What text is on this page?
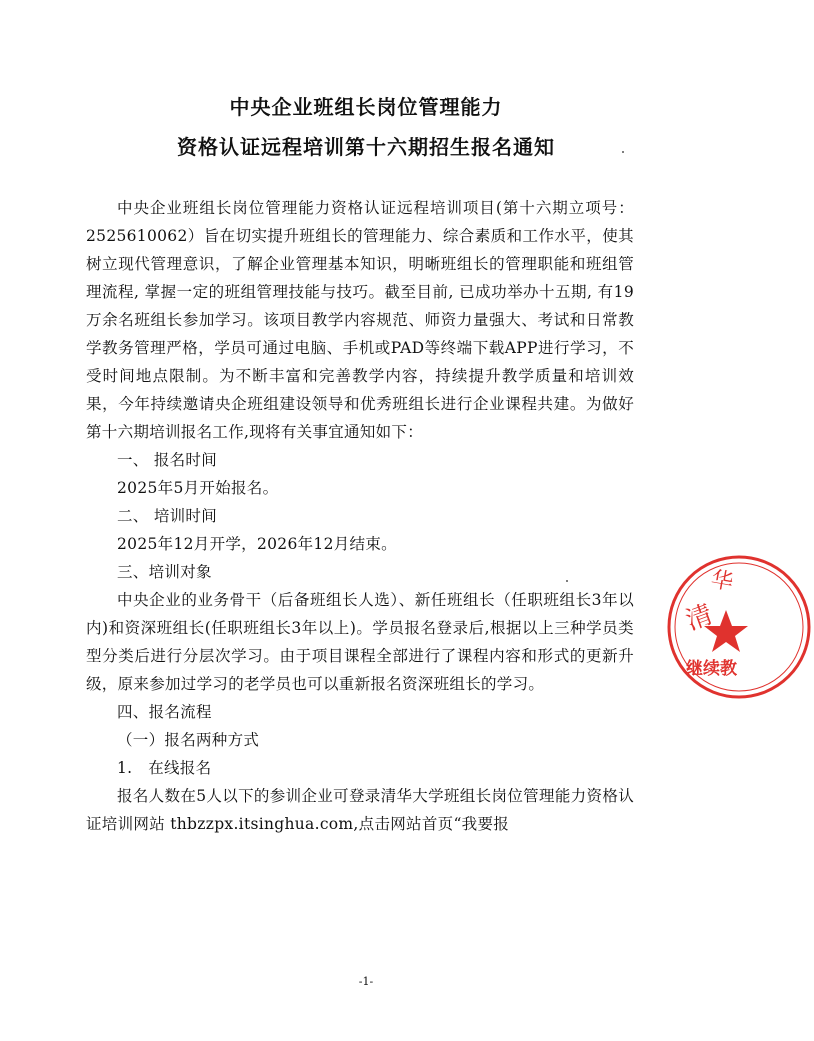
中央企业班组长岗位管理能力
资格认证远程培训第十六期招生报名通知

中央企业班组长岗位管理能力资格认证远程培训项目(第十六期立项号：2525610062）旨在切实提升班组长的管理能力、综合素质和工作水平，使其树立现代管理意识，了解企业管理基本知识，明晰班组长的管理职能和班组管理流程, 掌握一定的班组管理技能与技巧。截至目前, 已成功举办十五期, 有19万余名班组长参加学习。该项目教学内容规范、师资力量强大、考试和日常教学教务管理严格，学员可通过电脑、手机或PAD等终端下载APP进行学习，不受时间地点限制。为不断丰富和完善教学内容，持续提升教学质量和培训效果，今年持续邀请央企班组建设领导和优秀班组长进行企业课程共建。为做好第十六期培训报名工作,现将有关事宜通知如下：

一、 报名时间

2025年5月开始报名。

二、 培训时间

2025年12月开学，2026年12月结束。

三、培训对象

中央企业的业务骨干（后备班组长人选）、新任班组长（任职班组长3年以内)和资深班组长(任职班组长3年以上)。学员报名登录后,根据以上三种学员类型分类后进行分层次学习。由于项目课程全部进行了课程内容和形式的更新升级，原来参加过学习的老学员也可以重新报名资深班组长的学习。

四、报名流程

（一）报名两种方式

1.　在线报名

报名人数在5人以下的参训企业可登录清华大学班组长岗位管理能力资格认证培训网站 thbzzpx.itsinghua.com,点击网站首页“我要报

-1-
清
华
继续教
